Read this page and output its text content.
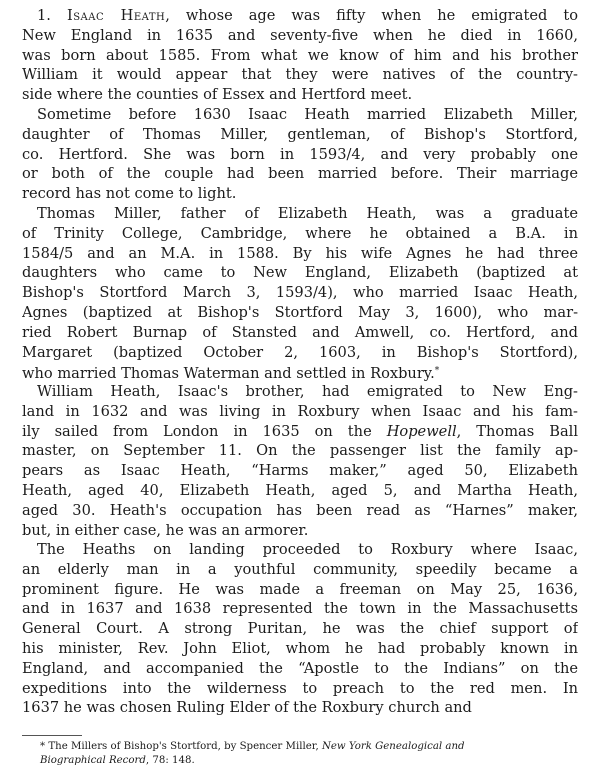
1. Isaac Heath, whose age was fifty when he emigrated to
New England in 1635 and seventy-five when he died in 1660,
was born about 1585. From what we know of him and his brother
William it would appear that they were natives of the country-
side where the counties of Essex and Hertford meet.
Sometime before 1630 Isaac Heath married Elizabeth Miller,
daughter of Thomas Miller, gentleman, of Bishop's Stortford,
co. Hertford. She was born in 1593/4, and very probably one
or both of the couple had been married before. Their marriage
record has not come to light.
Thomas Miller, father of Elizabeth Heath, was a graduate
of Trinity College, Cambridge, where he obtained a B.A. in
1584/5 and an M.A. in 1588. By his wife Agnes he had three
daughters who came to New England, Elizabeth (baptized at
Bishop's Stortford March 3, 1593/4), who married Isaac Heath,
Agnes (baptized at Bishop's Stortford May 3, 1600), who mar-
ried Robert Burnap of Stansted and Amwell, co. Hertford, and
Margaret (baptized October 2, 1603, in Bishop's Stortford),
who married Thomas Waterman and settled in Roxbury.*
William Heath, Isaac's brother, had emigrated to New Eng-
land in 1632 and was living in Roxbury when Isaac and his fam-
ily sailed from London in 1635 on the Hopewell, Thomas Ball
master, on September 11. On the passenger list the family ap-
pears as Isaac Heath, “Harms maker,” aged 50, Elizabeth
Heath, aged 40, Elizabeth Heath, aged 5, and Martha Heath,
aged 30. Heath's occupation has been read as “Harnes” maker,
but, in either case, he was an armorer.
The Heaths on landing proceeded to Roxbury where Isaac,
an elderly man in a youthful community, speedily became a
prominent figure. He was made a freeman on May 25, 1636,
and in 1637 and 1638 represented the town in the Massachusetts
General Court. A strong Puritan, he was the chief support of
his minister, Rev. John Eliot, whom he had probably known in
England, and accompanied the “Apostle to the Indians” on the
expeditions into the wilderness to preach to the red men. In
1637 he was chosen Ruling Elder of the Roxbury church and
* The Millers of Bishop's Stortford, by Spencer Miller, New York Genealogical and
Biographical Record, 78: 148.
